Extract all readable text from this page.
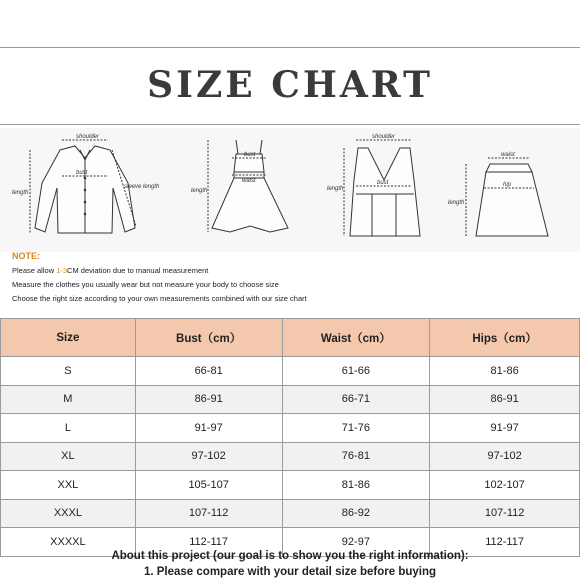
SIZE CHART
shoulder
bust
length
sleeve length
bust
waist
length
shoulder
bust
length
waist
hip
length
NOTE:
Please allow 1-3CM deviation due to manual measurement
Measure the clothes you usually wear but not measure your body to choose size
Choose the right size according to your own measurements combined with our size chart
Size	Bust（cm）	Waist（cm）	Hips（cm）
S	66-81	61-66	81-86
M	86-91	66-71	86-91
L	91-97	71-76	91-97
XL	97-102	76-81	97-102
XXL	105-107	81-86	102-107
XXXL	107-112	86-92	107-112
XXXXL	112-117	92-97	112-117
About this project (our goal is to show you the right information):
1. Please compare with your detail size before buying
